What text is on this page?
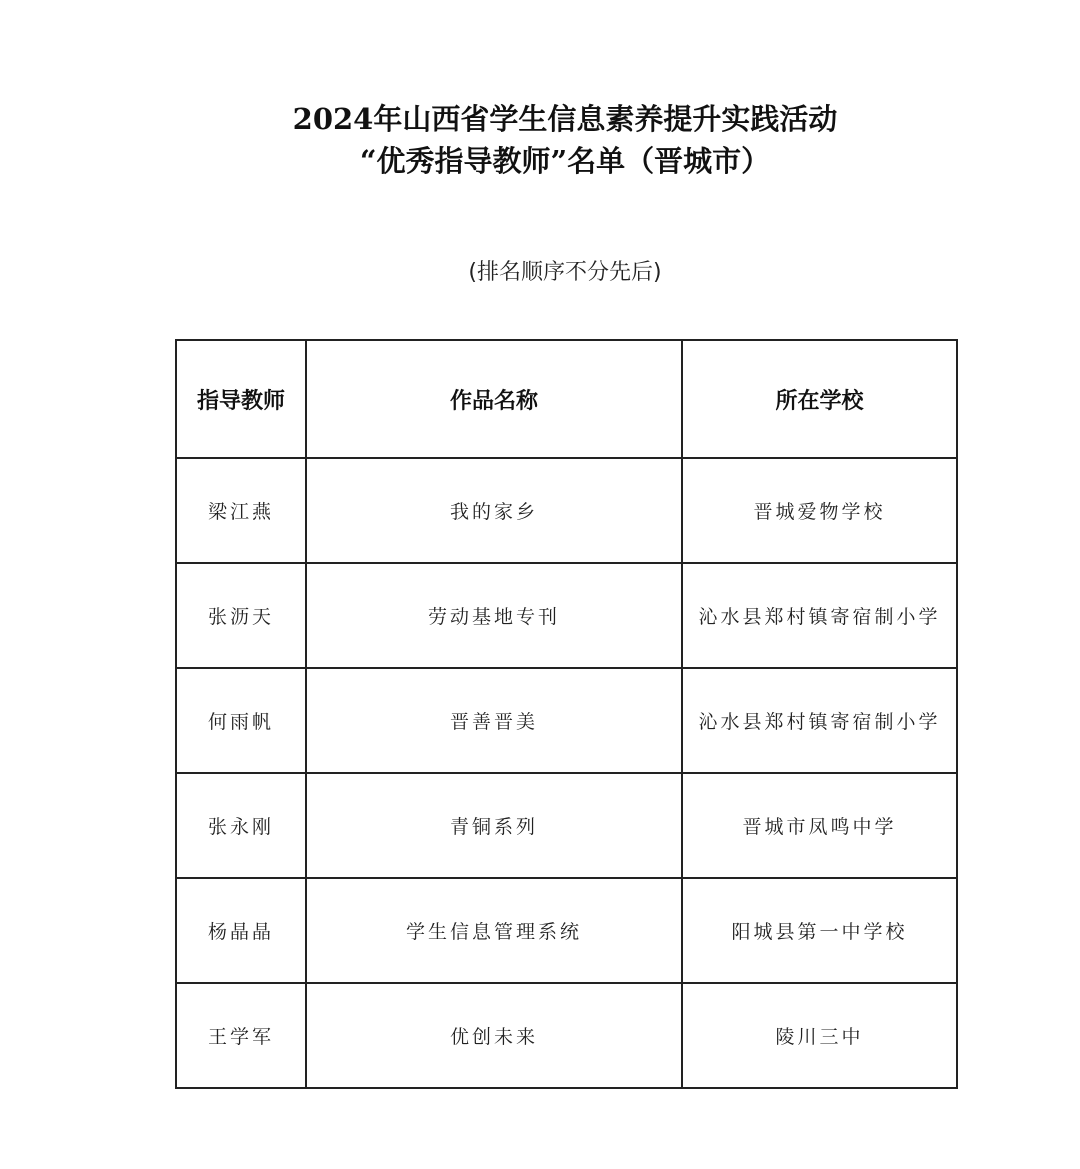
2024年山西省学生信息素养提升实践活动
“优秀指导教师”名单（晋城市）
(排名顺序不分先后)
指导教师	作品名称	所在学校
梁江燕	我的家乡	晋城爱物学校
张沥天	劳动基地专刊	沁水县郑村镇寄宿制小学
何雨帆	晋善晋美	沁水县郑村镇寄宿制小学
张永刚	青铜系列	晋城市凤鸣中学
杨晶晶	学生信息管理系统	阳城县第一中学校
王学军	优创未来	陵川三中
